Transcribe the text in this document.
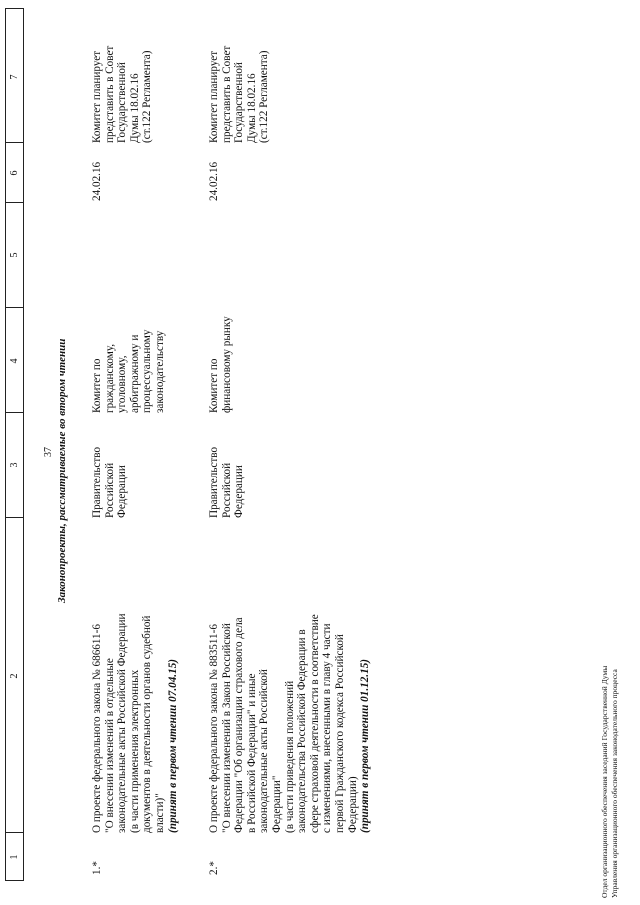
37
1
2
3
4
5
6
7
Законопроекты, рассматриваемые во втором чтении
1.*
О проекте федерального закона № 686611-6 "О внесении изменений в отдельные законодательные акты Российской Федерации (в части применения электронных документов в деятельности органов судебной власти)" (принят в первом чтении 07.04.15)
Правительство Российской Федерации
Комитет по гражданскому, уголовному, арбитражному и процессуальному законодательству
24.02.16
Комитет планирует представить в Совет Государственной Думы 18.02.16 (ст.122 Регламента)
2.*
О проекте федерального закона № 883511-6 "О внесении изменений в Закон Российской Федерации "Об организации страхового дела в Российской Федерации" и иные законодательные акты Российской Федерации" (в части приведения положений законодательства Российской Федерации в сфере страховой деятельности в соответствие с изменениями, внесенными в главу 4 части первой Гражданского кодекса Российской Федерации) (принят в первом чтении 01.12.15)
Правительство Российской Федерации
Комитет по финансовому рынку
24.02.16
Комитет планирует представить в Совет Государственной Думы 18.02.16 (ст.122 Регламента)
Отдел организационного обеспечения заседаний Государственной Думы Управления организационного обеспечения законодательного процесса
